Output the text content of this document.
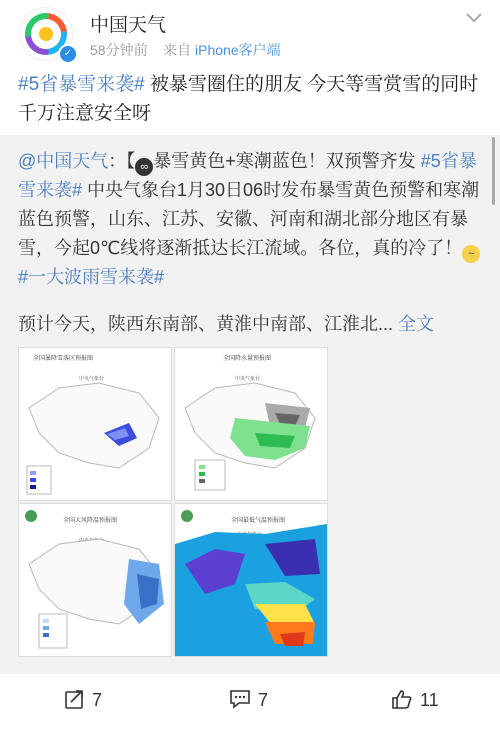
✓
中国天气
58分钟前 来自 iPhone客户端
#5省暴雪来袭# 被暴雪圈住的朋友 今天等雪赏雪的同时千万注意安全呀
@中国天气：【 ∞ 暴雪黄色+寒潮蓝色！双预警齐发 #5省暴雪来袭# 中央气象台1月30日06时发布暴雪黄色预警和寒潮蓝色预警，山东、江苏、安徽、河南和湖北部分地区有暴雪，今起0℃线将逐渐抵达长江流域。各位，真的冷了！ ~#一大波雨雪来袭#
预计今天，陕西东南部、黄淮中南部、江淮北... 全文
全国暴降雪落区预报图
中央气象台
全国降水量预报图
中央气象台
全国大风降温预报图	全国最低气温预报图
7	7	11
